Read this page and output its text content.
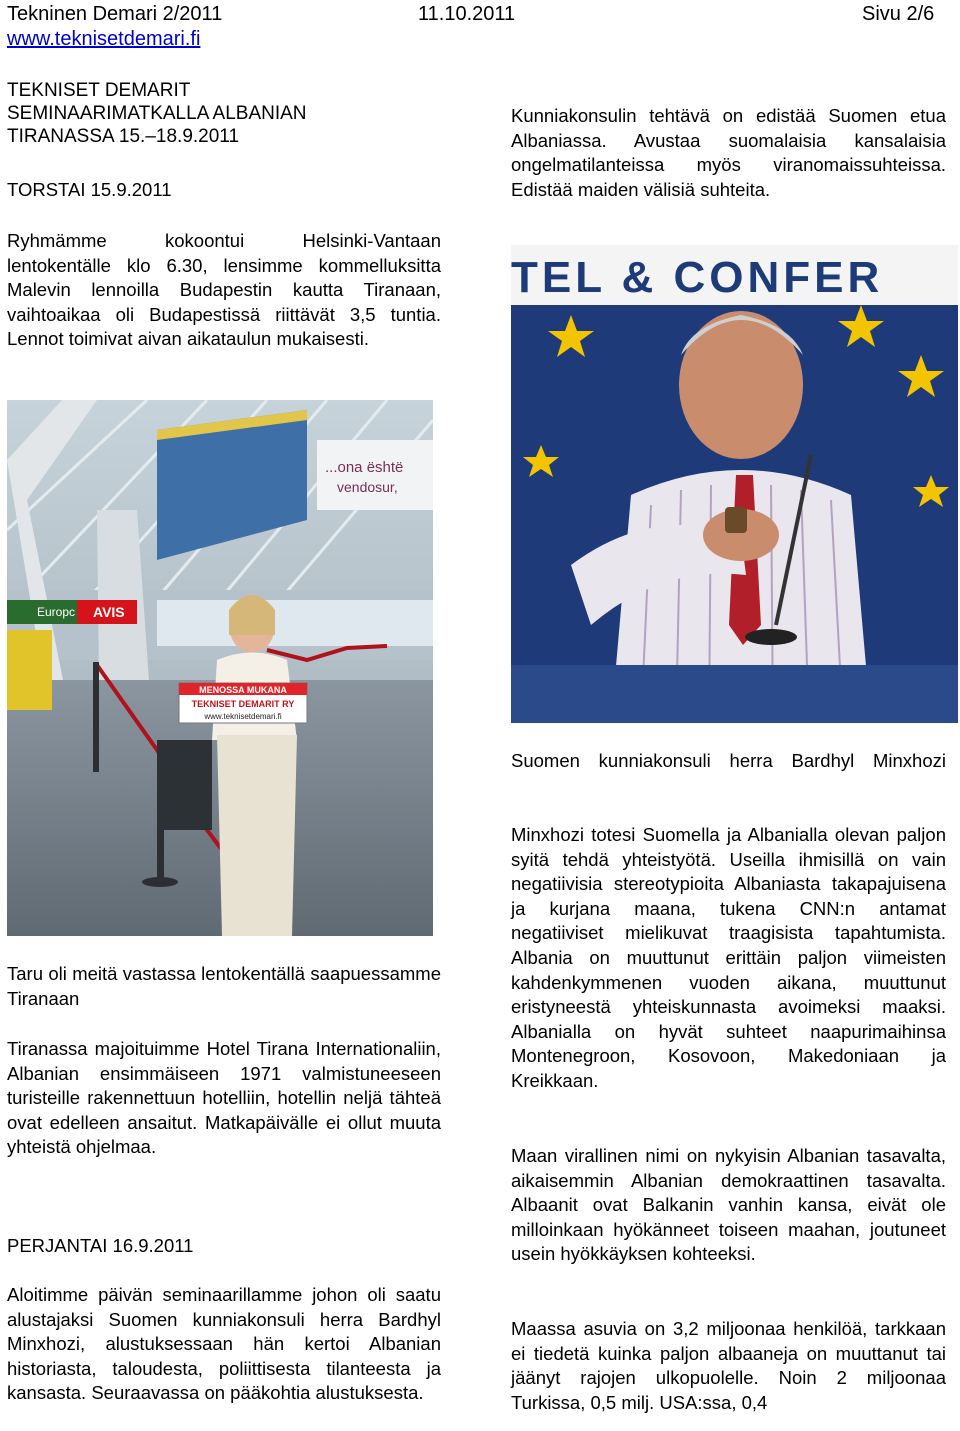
Tekninen Demari 2/2011	11.10.2011	Sivu 2/6
www.teknisetdemari.fi
TEKNISET DEMARIT
SEMINAARIMATKALLA ALBANIAN
TIRANASSA 15.–18.9.2011
TORSTAI 15.9.2011

Ryhmämme kokoontui Helsinki-Vantaan lentokentälle klo 6.30, lensimme kommelluksitta Malevin lennoilla Budapestin kautta Tiranaan, vaihtoaikaa oli Budapestissä riittävät 3,5 tuntia. Lennot toimivat aivan aikataulun mukaisesti.

...ona është
vendosur,
Europc AVIS
MENOSSA MUKANA
TEKNISET DEMARIT RY
www.teknisetdemari.fi

Taru oli meitä vastassa lentokentällä saapuessamme Tiranaan

Tiranassa majoituimme Hotel Tirana Internationaliin, Albanian ensimmäiseen 1971 valmistuneeseen turisteille rakennettuun hotelliin, hotellin neljä tähteä ovat edelleen ansaitut. Matkapäivälle ei ollut muuta yhteistä ohjelmaa.

PERJANTAI 16.9.2011

Aloitimme päivän seminaarillamme johon oli saatu alustajaksi Suomen kunniakonsuli herra Bardhyl Minxhozi, alustuksessaan hän kertoi Albanian historiasta, taloudesta, poliittisesta tilanteesta ja kansasta. Seuraavassa on pääkohtia alustuksesta.

Kunniakonsulin tehtävä on edistää Suomen etua Albaniassa. Avustaa suomalaisia kansalaisia ongelmatilanteissa myös viranomaissuhteissa. Edistää maiden välisiä suhteita.

TEL & CONFER

Suomen kunniakonsuli herra Bardhyl Minxhozi

Minxhozi totesi Suomella ja Albanialla olevan paljon syitä tehdä yhteistyötä. Useilla ihmisillä on vain negatiivisia stereotypioita Albaniasta takapajuisena ja kurjana maana, tukena CNN:n antamat negatiiviset mielikuvat traagisista tapahtumista. Albania on muuttunut erittäin paljon viimeisten kahdenkymmenen vuoden aikana, muuttunut eristyneestä yhteiskunnasta avoimeksi maaksi. Albanialla on hyvät suhteet naapurimaihinsa Montenegroon, Kosovoon, Makedoniaan ja Kreikkaan.

Maan virallinen nimi on nykyisin Albanian tasavalta, aikaisemmin Albanian demokraattinen tasavalta. Albaanit ovat Balkanin vanhin kansa, eivät ole milloinkaan hyökänneet toiseen maahan, joutuneet usein hyökkäyksen kohteeksi.

Maassa asuvia on 3,2 miljoonaa henkilöä, tarkkaan ei tiedetä kuinka paljon albaaneja on muuttanut tai jäänyt rajojen ulkopuolelle. Noin 2 miljoonaa Turkissa, 0,5 milj. USA:ssa, 0,4
